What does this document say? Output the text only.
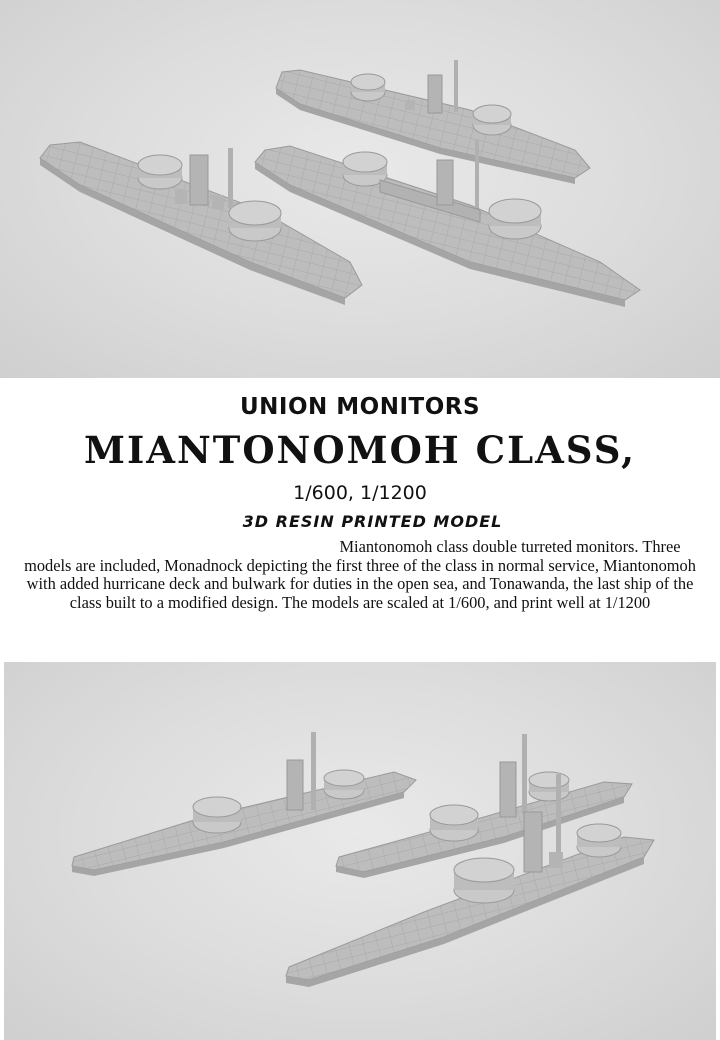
UNION MONITORS
MIANTONOMOH CLASS,
1/600, 1/1200
3D RESIN PRINTED MODEL
Miantonomoh class double turreted monitors. Three models are included, Monadnock depicting the first three of the class in normal service, Miantonomoh with added hurricane deck and bulwark for duties in the open sea, and Tonawanda, the last ship of the class built to a modified design. The models are scaled at 1/600, and print well at 1/1200
